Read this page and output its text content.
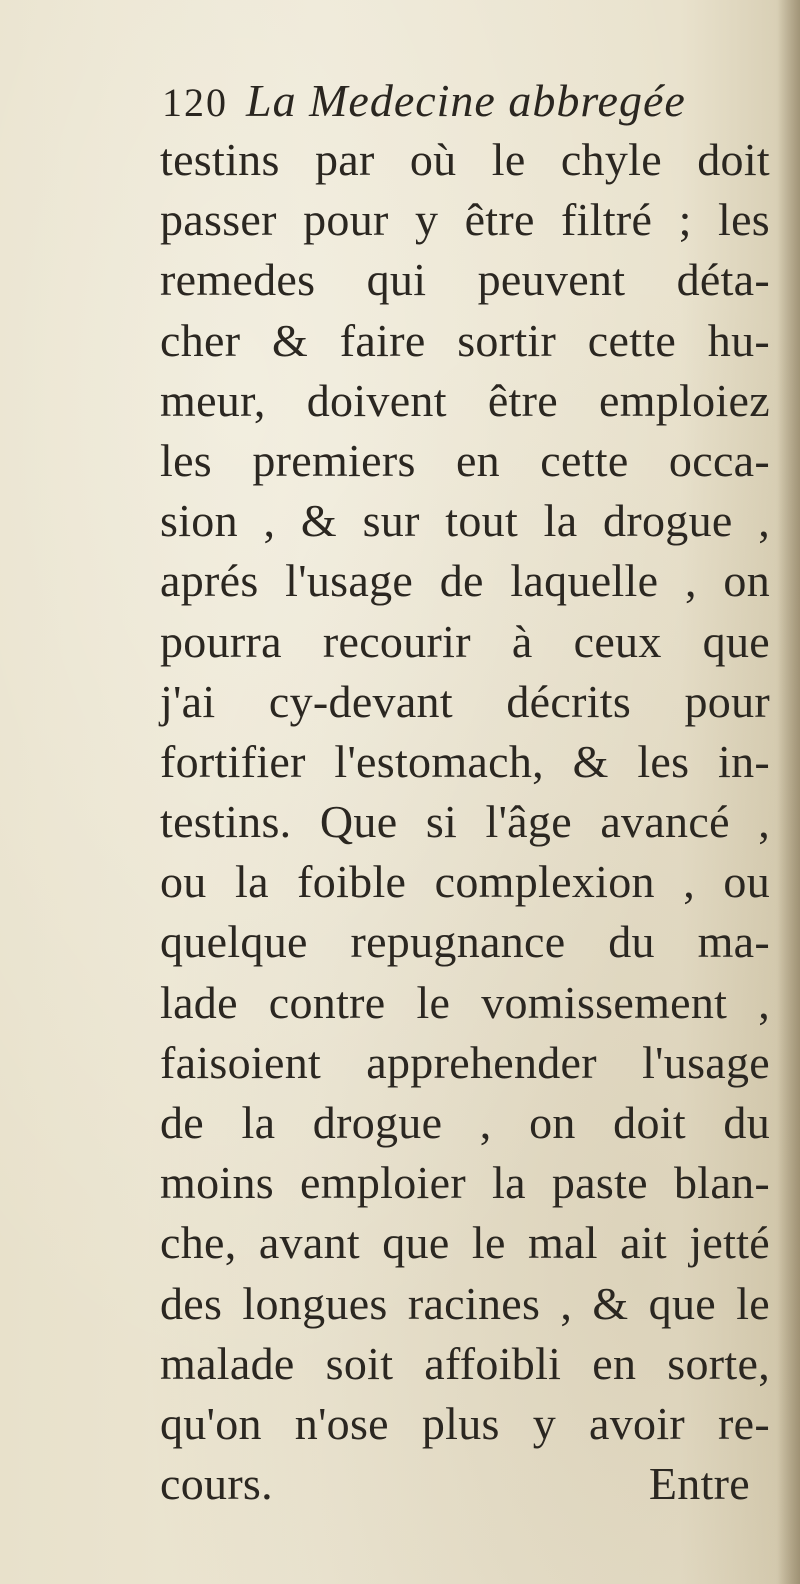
120 La Medecine abbregée
testins par où le chyle doit
passer pour y être filtré ; les
remedes qui peuvent déta-
cher & faire sortir cette hu-
meur, doivent être emploiez
les premiers en cette occa-
sion , & sur tout la drogue ,
aprés l'usage de laquelle , on
pourra recourir à ceux que
j'ai cy-devant décrits pour
fortifier l'estomach, & les in-
testins. Que si l'âge avancé ,
ou la foible complexion , ou
quelque repugnance du ma-
lade contre le vomissement ,
faisoient apprehender l'usage
de la drogue , on doit du
moins emploier la paste blan-
che, avant que le mal ait jetté
des longues racines , & que le
malade soit affoibli en sorte,
qu'on n'ose plus y avoir re-
cours.	Entre
